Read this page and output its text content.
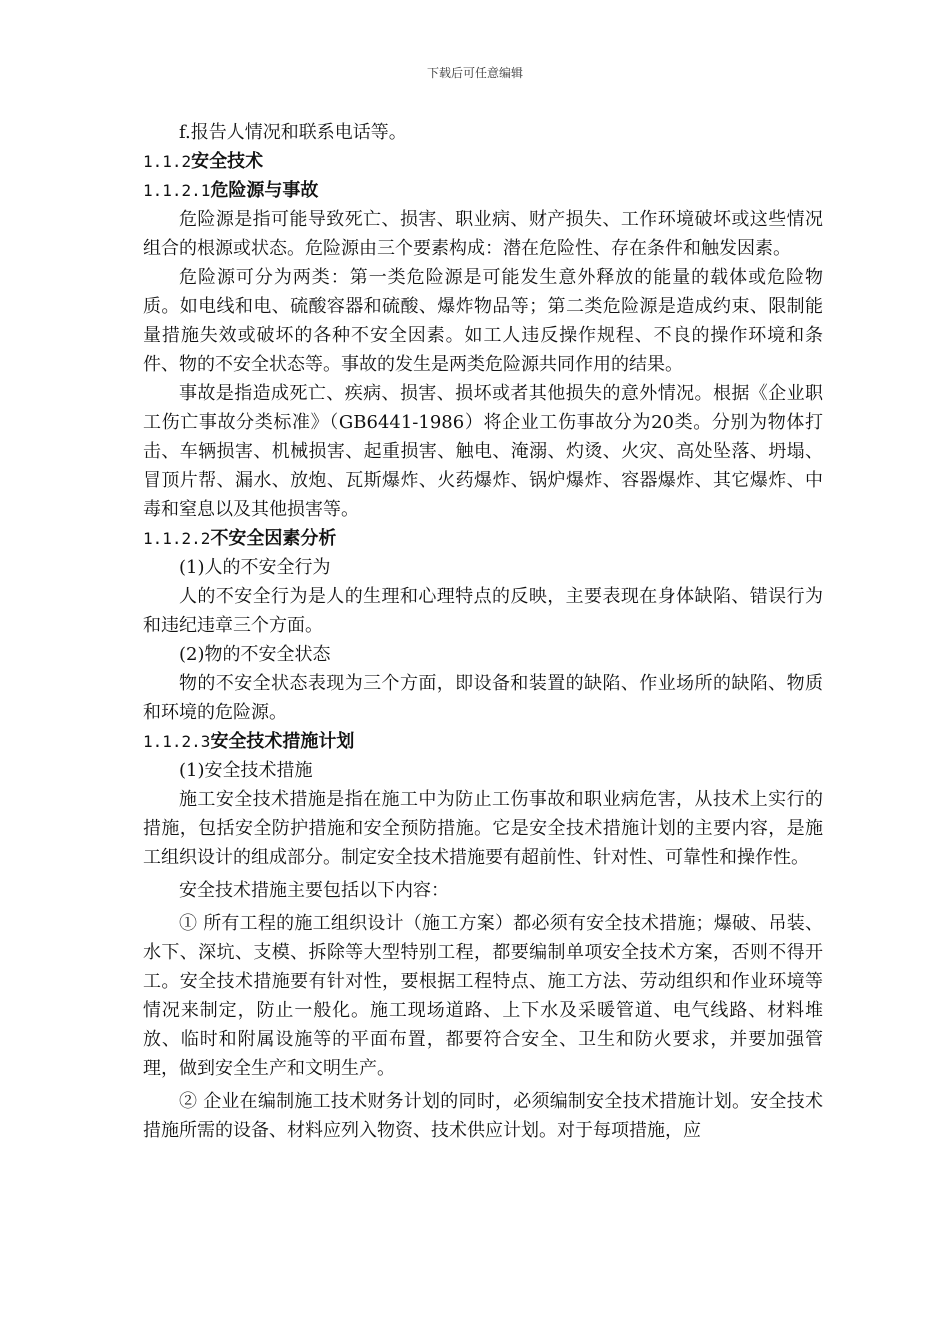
下载后可任意编辑

f.报告人情况和联系电话等。

1.1.2安全技术

1.1.2.1危险源与事故

危险源是指可能导致死亡、损害、职业病、财产损失、工作环境破坏或这些情况组合的根源或状态。危险源由三个要素构成：潜在危险性、存在条件和触发因素。

危险源可分为两类：第一类危险源是可能发生意外释放的能量的载体或危险物质。如电线和电、硫酸容器和硫酸、爆炸物品等；第二类危险源是造成约束、限制能量措施失效或破坏的各种不安全因素。如工人违反操作规程、不良的操作环境和条件、物的不安全状态等。事故的发生是两类危险源共同作用的结果。

事故是指造成死亡、疾病、损害、损坏或者其他损失的意外情况。根据《企业职工伤亡事故分类标准》（GB6441-1986）将企业工伤事故分为20类。分别为物体打击、车辆损害、机械损害、起重损害、触电、淹溺、灼烫、火灾、高处坠落、坍塌、冒顶片帮、漏水、放炮、瓦斯爆炸、火药爆炸、锅炉爆炸、容器爆炸、其它爆炸、中毒和窒息以及其他损害等。

1.1.2.2不安全因素分析

(1)人的不安全行为

人的不安全行为是人的生理和心理特点的反映，主要表现在身体缺陷、错误行为和违纪违章三个方面。

(2)物的不安全状态

物的不安全状态表现为三个方面，即设备和装置的缺陷、作业场所的缺陷、物质和环境的危险源。

1.1.2.3安全技术措施计划

(1)安全技术措施

施工安全技术措施是指在施工中为防止工伤事故和职业病危害，从技术上实行的措施，包括安全防护措施和安全预防措施。它是安全技术措施计划的主要内容，是施工组织设计的组成部分。制定安全技术措施要有超前性、针对性、可靠性和操作性。

安全技术措施主要包括以下内容：

① 所有工程的施工组织设计（施工方案）都必须有安全技术措施；爆破、吊装、水下、深坑、支模、拆除等大型特别工程，都要编制单项安全技术方案，否则不得开工。安全技术措施要有针对性，要根据工程特点、施工方法、劳动组织和作业环境等情况来制定，防止一般化。施工现场道路、上下水及采暖管道、电气线路、材料堆放、临时和附属设施等的平面布置，都要符合安全、卫生和防火要求，并要加强管理，做到安全生产和文明生产。

② 企业在编制施工技术财务计划的同时，必须编制安全技术措施计划。安全技术措施所需的设备、材料应列入物资、技术供应计划。对于每项措施，应
